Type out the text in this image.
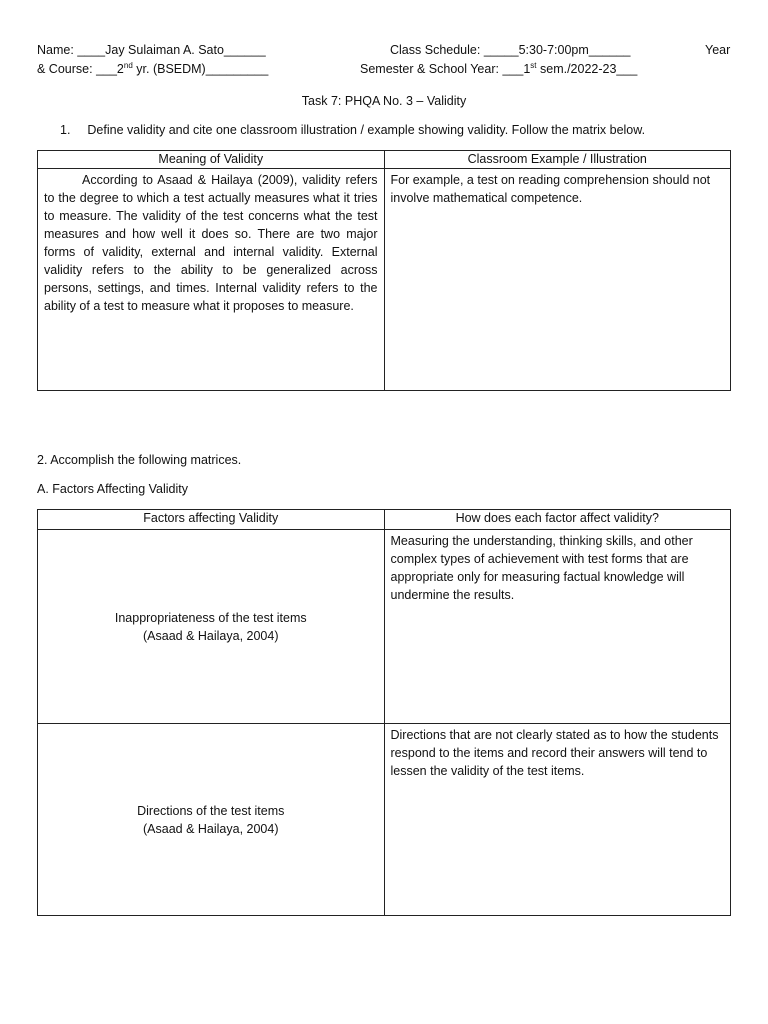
Name: ____Jay Sulaiman A. Sato______	Class Schedule: _____5:30-7:00pm______	Year
& Course: ___2nd yr. (BSEDM)_________	Semester & School Year: ___1st sem./2022-23___
Task 7: PHQA No. 3 – Validity
1. Define validity and cite one classroom illustration / example showing validity. Follow the matrix below.
Meaning of Validity	Classroom Example / Illustration
According to Asaad & Hailaya (2009), validity refers to the degree to which a test actually measures what it tries to measure. The validity of the test concerns what the test measures and how well it does so. There are two major forms of validity, external and internal validity. External validity refers to the ability to be generalized across persons, settings, and times. Internal validity refers to the ability of a test to measure what it proposes to measure.	For example, a test on reading comprehension should not involve mathematical competence.
2. Accomplish the following matrices.
A. Factors Affecting Validity
Factors affecting Validity	How does each factor affect validity?

Inappropriateness of the test items
(Asaad & Hailaya, 2004)	Measuring the understanding, thinking skills, and other complex types of achievement with test forms that are appropriate only for measuring factual knowledge will undermine the results.

Directions of the test items
(Asaad & Hailaya, 2004)	Directions that are not clearly stated as to how the students respond to the items and record their answers will tend to lessen the validity of the test items.
